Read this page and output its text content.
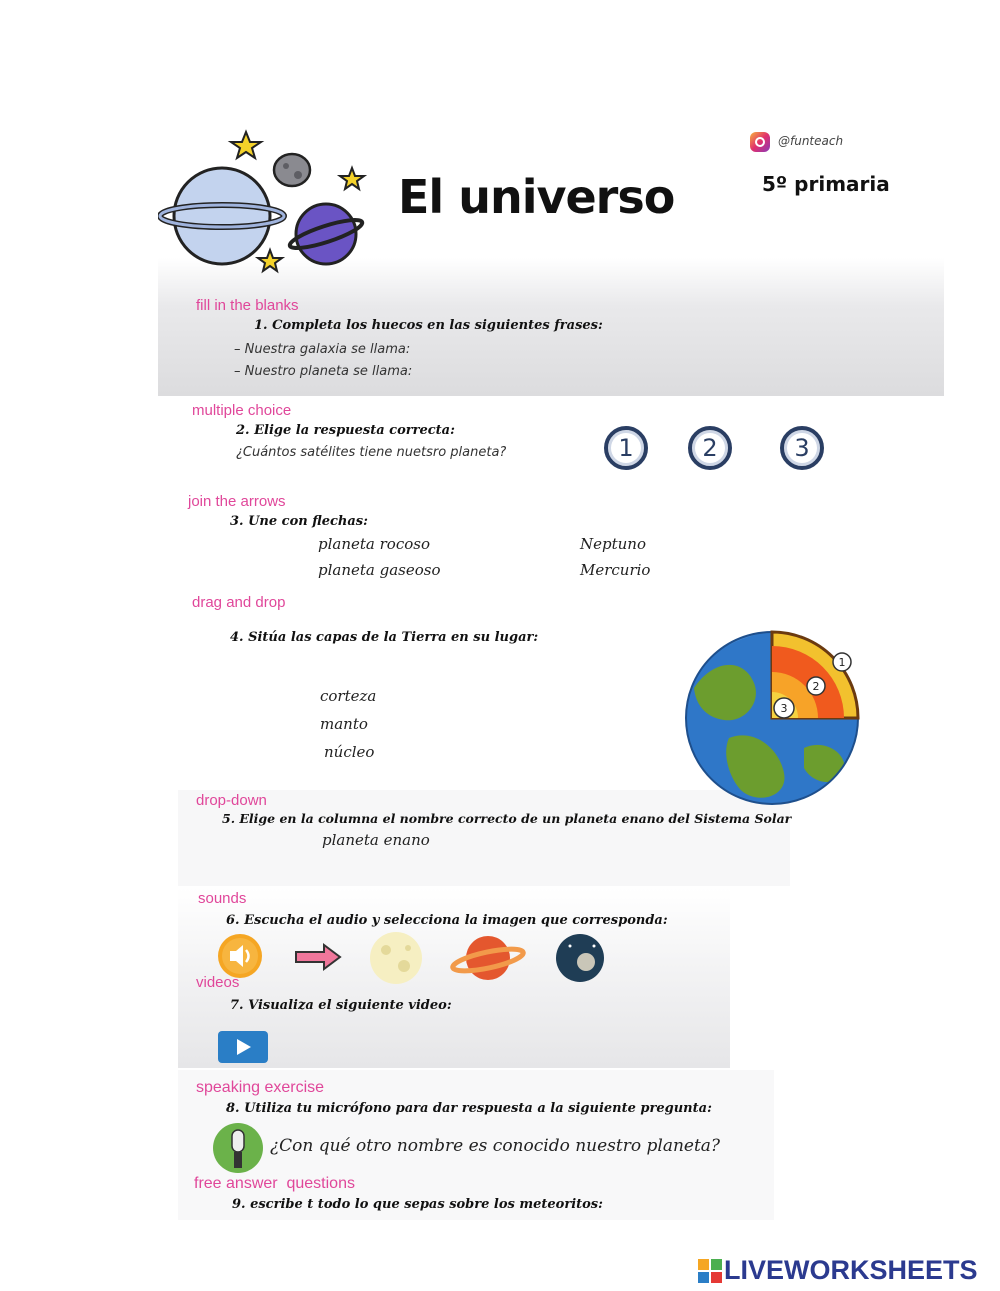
El universo
@funteach
5º primaria
fill in the blanks
1. Completa los huecos en las siguientes frases:
– Nuestra galaxia se llama:
– Nuestro planeta se llama:
multiple choice
2. Elige la respuesta correcta:
¿Cuántos satélites tiene nuetsro planeta?	1	2	3
join the arrows
3. Une con flechas:
planeta rocoso
planeta gaseoso
Neptuno
Mercurio
drag and drop
4. Sitúa las capas de la Tierra en su lugar:
corteza
manto
núcleo
1
2
3
drop-down
5. Elige en la columna el nombre correcto de un planeta enano del Sistema Solar
planeta enano
sounds
6. Escucha el audio y selecciona la imagen que corresponda:
videos
7. Visualiza el siguiente video:
speaking exercise
8. Utiliza tu micrófono para dar respuesta a la siguiente pregunta:
¿Con qué otro nombre es conocido nuestro planeta?
free answer  questions
9. escribe t todo lo que sepas sobre los meteoritos:
LIVEWORKSHEETS
